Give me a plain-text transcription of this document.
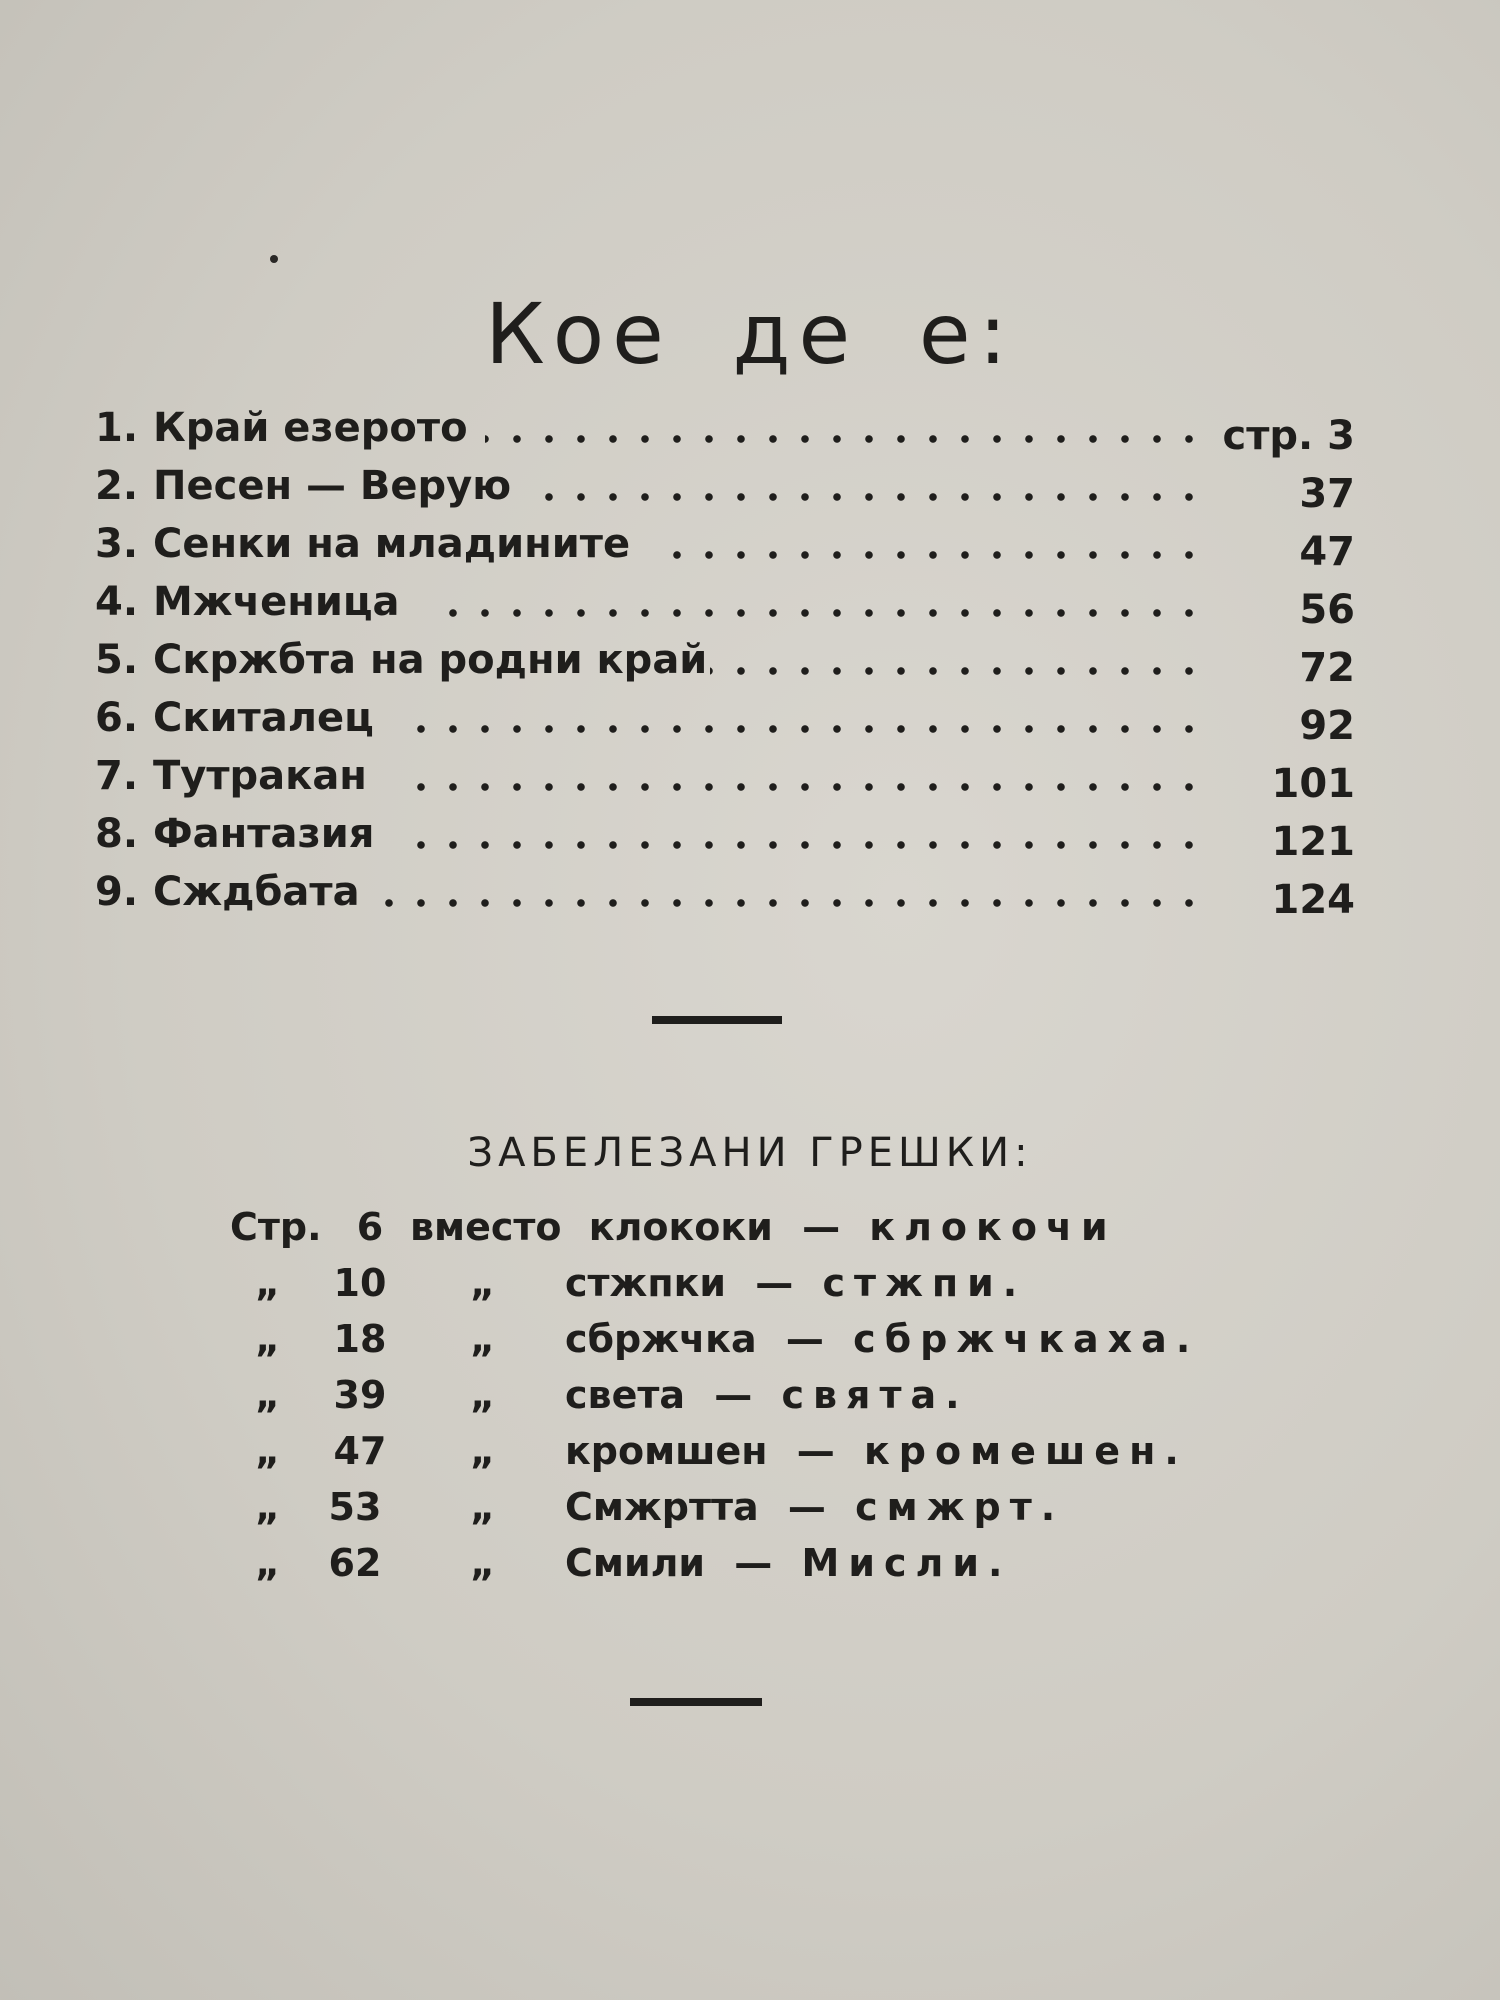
Кое де е:
1. Край езерото	стр. 3
2. Песен — Верую	37
3. Сенки на младините	47
4. Мжченица	56
5. Скржбта на родни край	72
6. Скиталец	92
7. Тутракан	101
8. Фантазия	121
9. Сждбата	124
ЗАБЕЛЕЗАНИ ГРЕШКИ:
Стр. 6 вместо клококи — клокочи
„	10 „ стжпки — стжпи.
„	18 „ сбржчка — сбржчкаха.
„	39 „ света — свята.
„	47 „ кромшен — кромешен.
„	53 „ Смжртта — смжрт.
„	62 „ Смили — Мисли.
